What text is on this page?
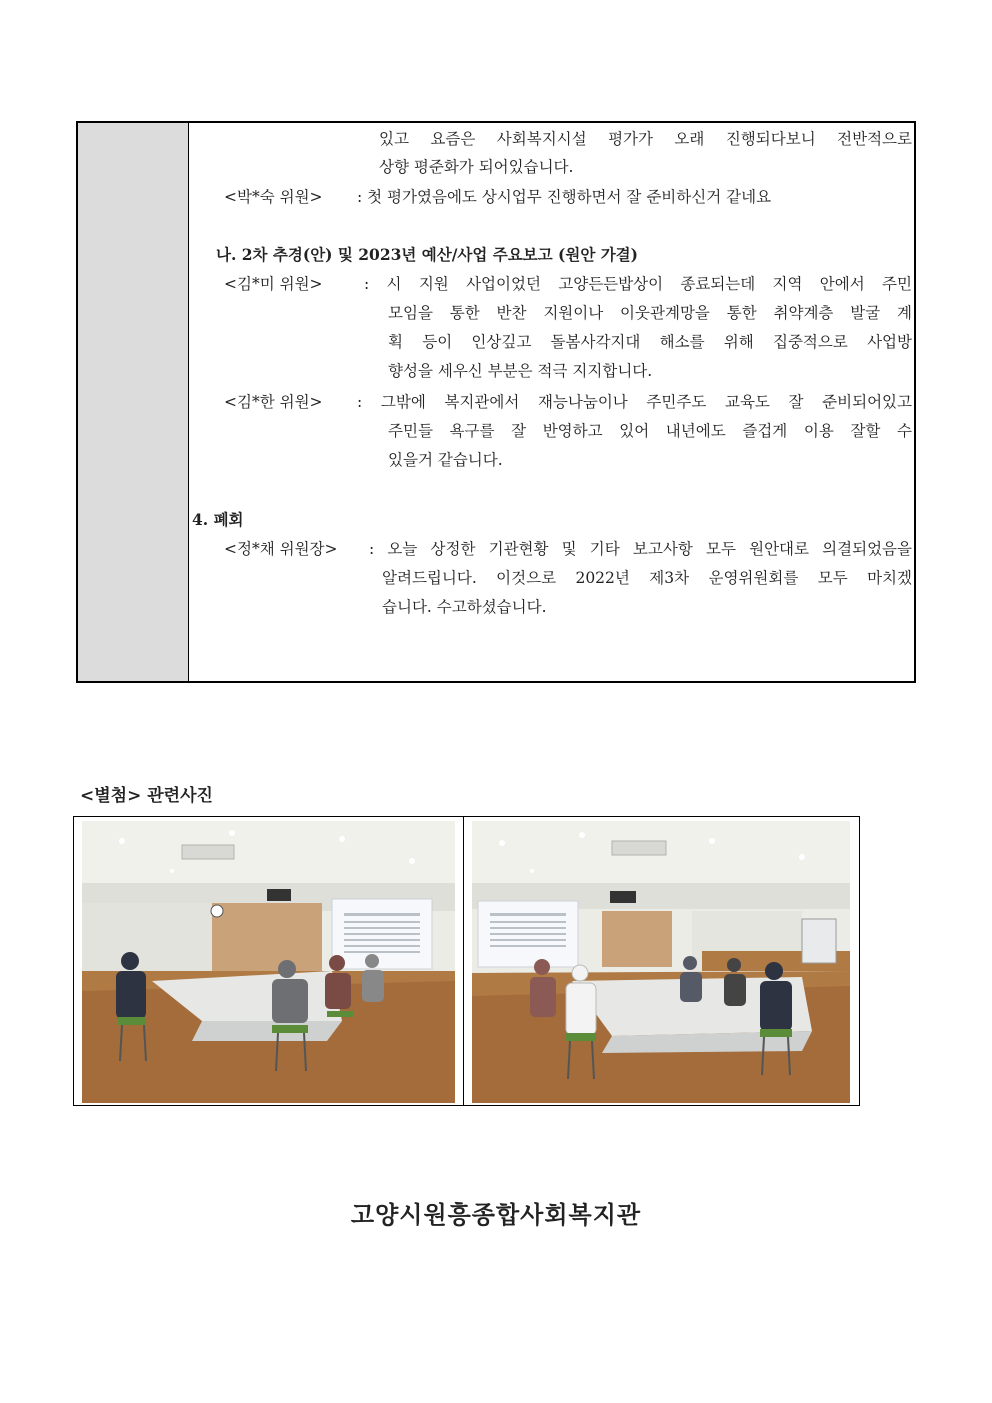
있고 요즘은 사회복지시설 평가가 오래 진행되다보니 전반적으로
상향 평준화가 되어있습니다.
<박*숙 위원> : 첫 평가였음에도 상시업무 진행하면서 잘 준비하신거 같네요
나. 2차 추경(안) 및 2023년 예산/사업 주요보고 (원안 가결)
<김*미 위원>	: 시 지원 사업이었던 고양든든밥상이 종료되는데 지역 안에서 주민
모임을 통한 반찬 지원이나 이웃관계망을 통한 취약계층 발굴 계
획 등이 인상깊고 돌봄사각지대 해소를 위해 집중적으로 사업방
향성을 세우신 부분은 적극 지지합니다.
<김*한 위원> : 그밖에 복지관에서 재능나눔이나 주민주도 교육도 잘 준비되어있고
주민들 욕구를 잘 반영하고 있어 내년에도 즐겁게 이용 잘할 수
있을거 같습니다.
4. 폐회
<정*채 위원장> : 오늘 상정한 기관현황 및 기타 보고사항 모두 원안대로 의결되었음을
알려드립니다. 이것으로 2022년 제3차 운영위원회를 모두 마치겠
습니다. 수고하셨습니다.
<별첨> 관련사진
고양시원흥종합사회복지관
